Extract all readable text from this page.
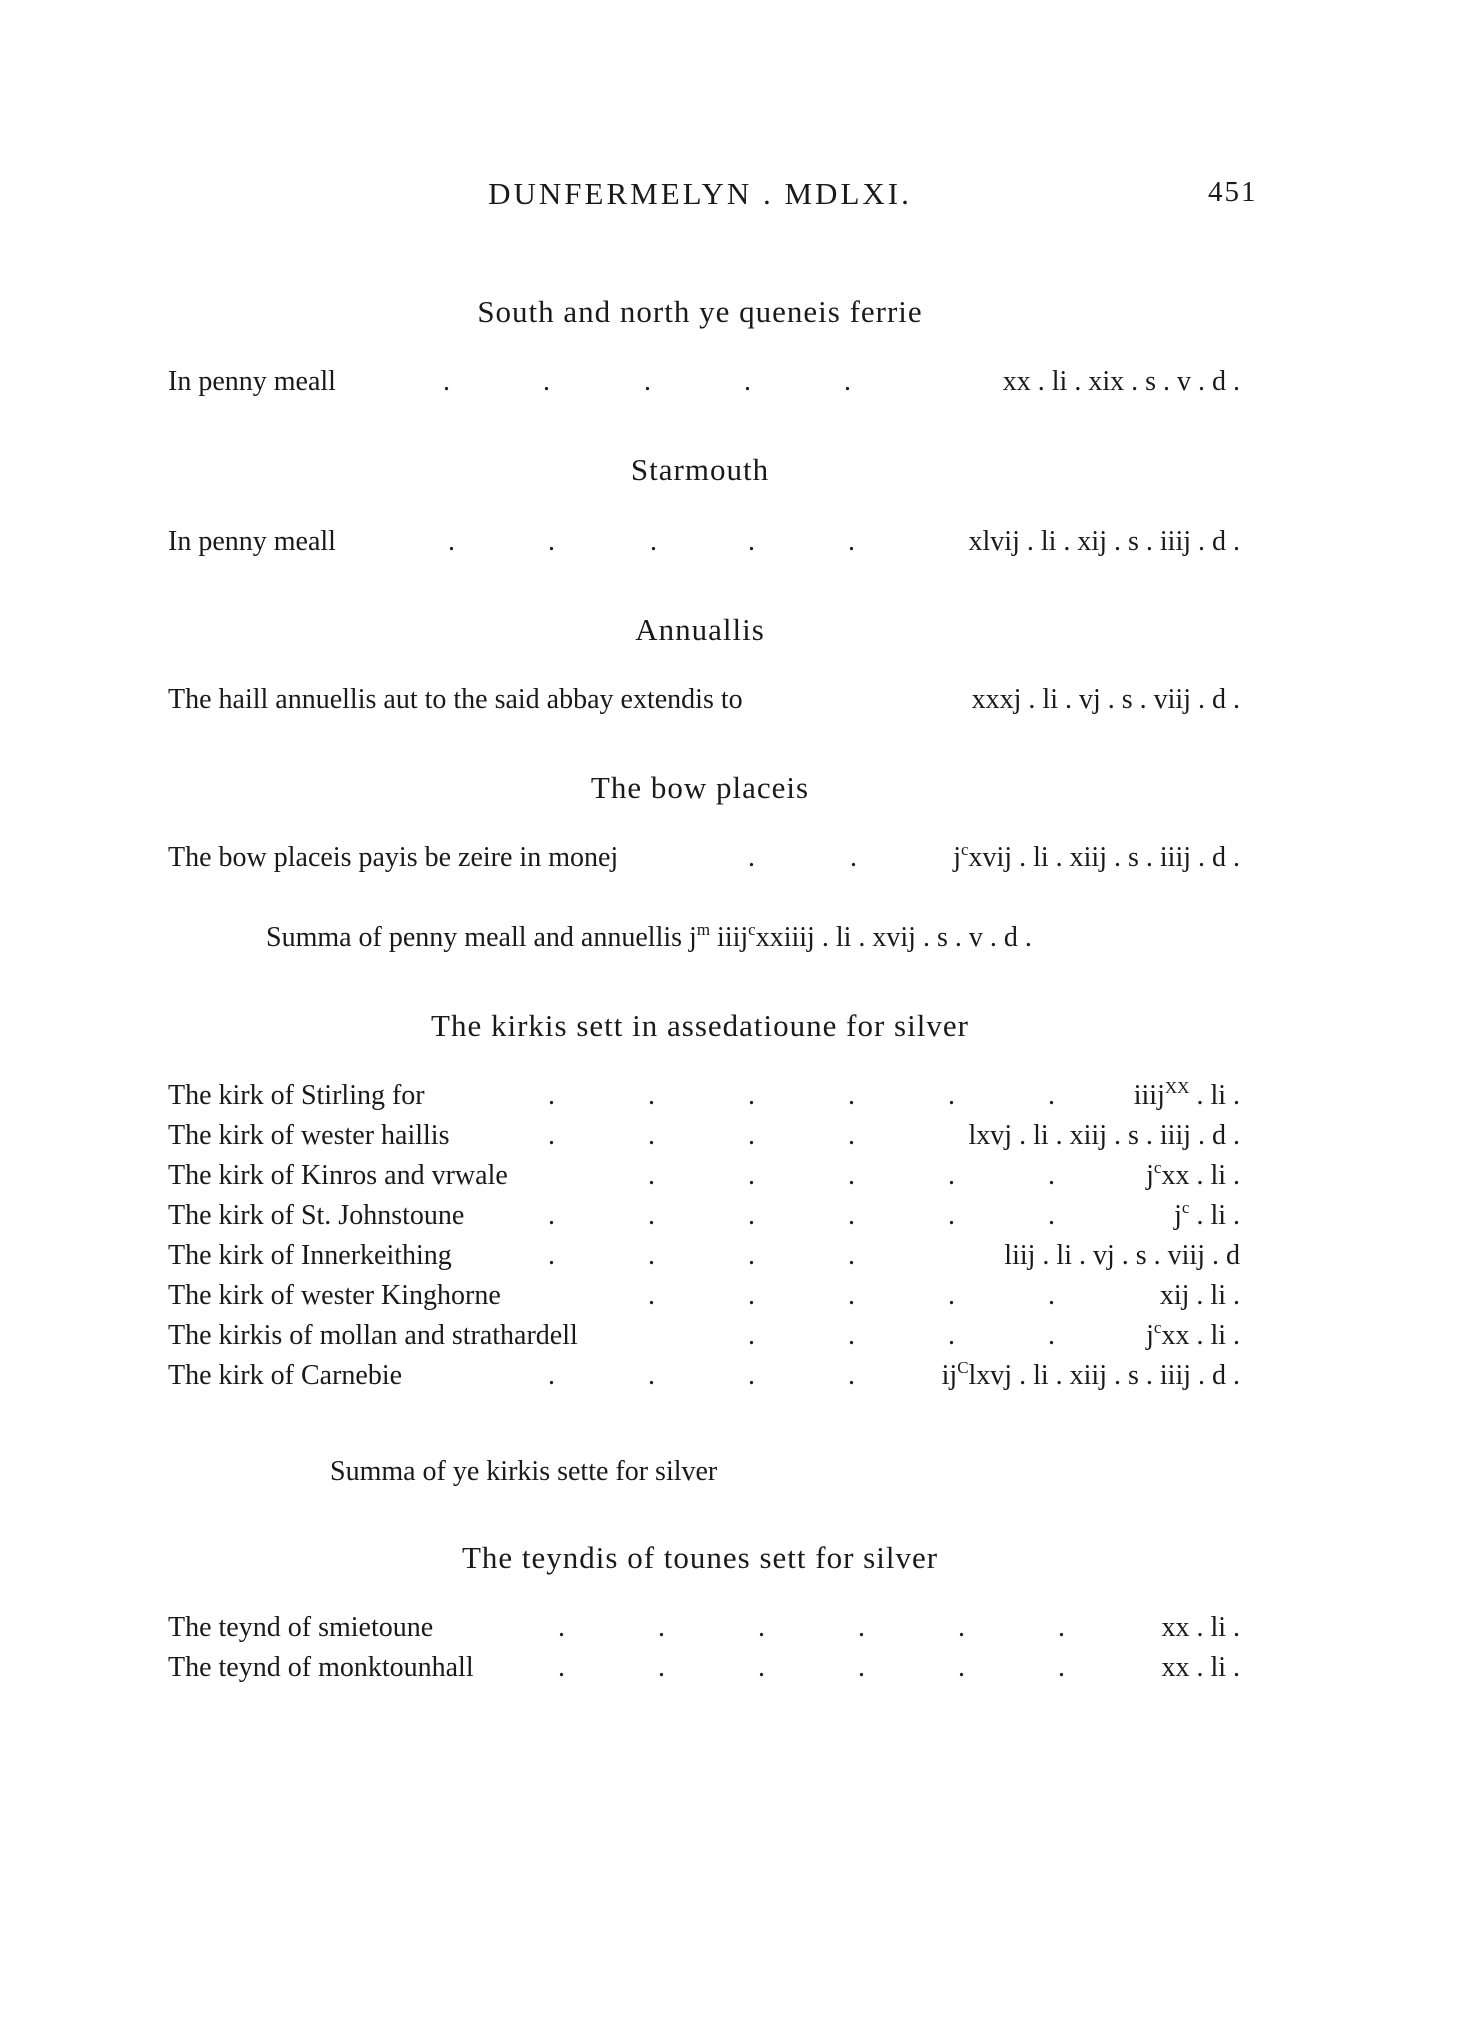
DUNFERMELYN . MDLXI.	451
South and north ye queneis ferrie
In penny meall	.	.	.	.	.	xx . li . xix . s . v . d .
Starmouth
In penny meall	.	.	.	.	.	xlvij . li . xij . s . iiij . d .
Annuallis
The haill annuellis aut to the said abbay extendis to	xxxj . li . vj . s . viij . d .
The bow placeis
The bow placeis payis be zeire in monej	.	.	$j^cxvij$ . li . xiij . s . iiij . d .
Summa of penny meall and annuellis $j^m$ iiij$^c$xxiiij . li . xvij . s . v . d .
The kirkis sett in assedatioune for silver
The kirk of Stirling for	.	.	.	.	.	.	iiij$^{XX}$ . li .
The kirk of wester haillis	.	.	.	.	lxvj . li . xiij . s . iiij . d .
The kirk of Kinros and vrwale	.	.	.	.	.	$j^cxx$ . li .
The kirk of St. Johnstoune	.	.	.	.	.	.	$j^c$ . li .
The kirk of Innerkeithing	.	.	.	.	liij . li . vj . s . viij . d
The kirk of wester Kinghorne	.	.	.	.	.	xij . li .
The kirkis of mollan and strathardell	.	.	.	.	$j^cxx$ . li .
The kirk of Carnebie	.	.	.	.	$ij^Clxvj$ . li . xiij . s . iiij . d .
Summa of ye kirkis sette for silver
The teyndis of tounes sett for silver
The teynd of smietoune	.	.	.	.	.	.	xx . li .
The teynd of monktounhall	.	.	.	.	.	.	xx . li .
